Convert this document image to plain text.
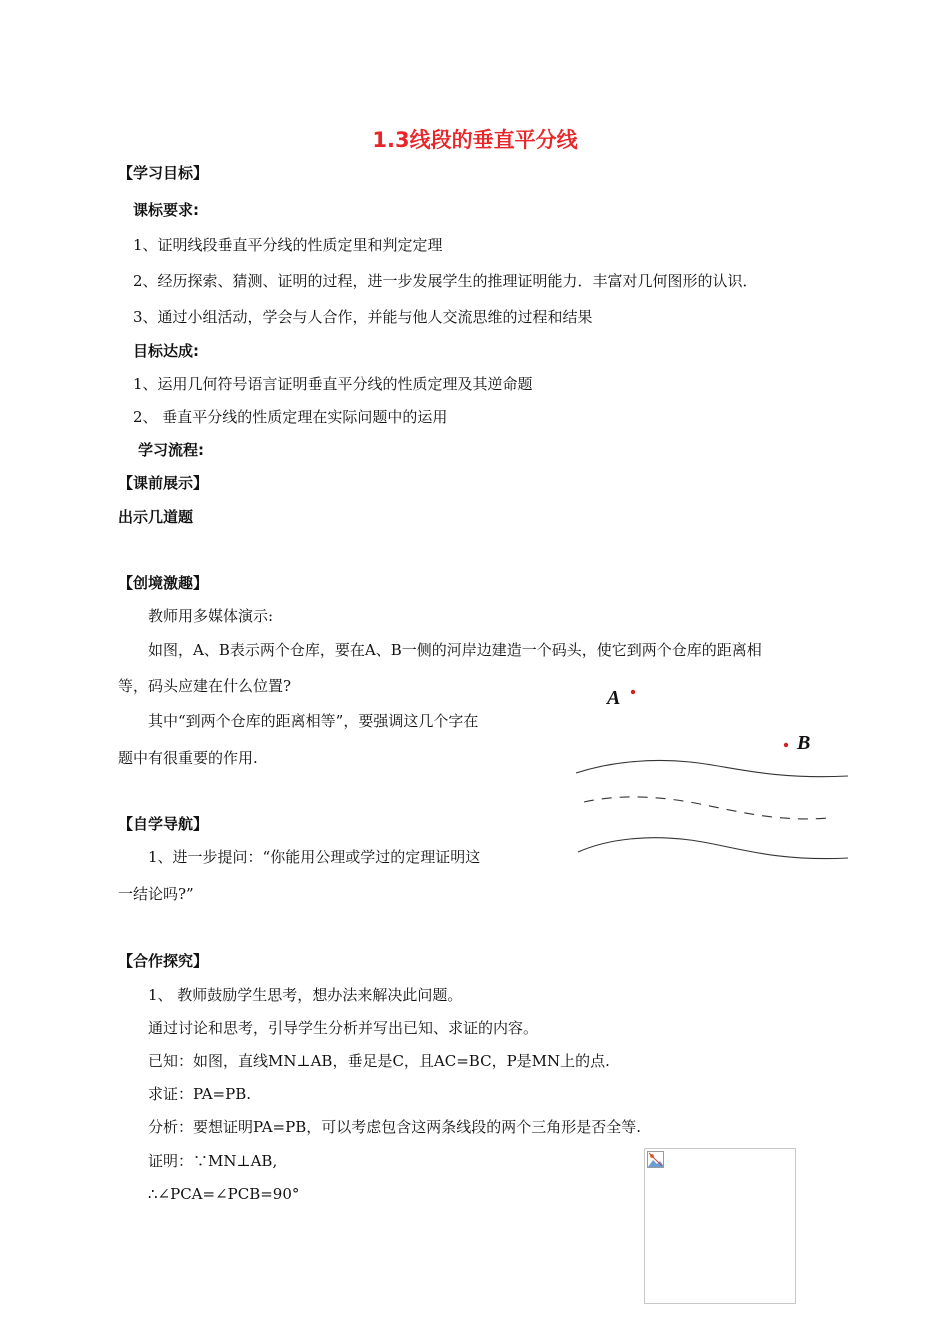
1.3线段的垂直平分线
【学习目标】
课标要求:
1、证明线段垂直平分线的性质定里和判定定理
2、经历探索、猜测、证明的过程，进一步发展学生的推理证明能力．丰富对几何图形的认识．
3、通过小组活动，学会与人合作，并能与他人交流思维的过程和结果
目标达成:
1、运用几何符号语言证明垂直平分线的性质定理及其逆命题
2、 垂直平分线的性质定理在实际问题中的运用
学习流程:
【课前展示】
出示几道题
【创境激趣】
教师用多媒体演示:
如图，A、B表示两个仓库，要在A、B一侧的河岸边建造一个码头，使它到两个仓库的距离相
等，码头应建在什么位置?
其中“到两个仓库的距离相等”，要强调这几个字在
题中有很重要的作用.
A
B
【自学导航】
1、进一步提问：“你能用公理或学过的定理证明这
一结论吗?”
【合作探究】
1、 教师鼓励学生思考，想办法来解决此问题。
通过讨论和思考，引导学生分析并写出已知、求证的内容。
已知：如图，直线MN⊥AB，垂足是C，且AC=BC，P是MN上的点.
求证：PA=PB.
分析：要想证明PA=PB，可以考虑包含这两条线段的两个三角形是否全等.
证明：∵MN⊥AB,
∴∠PCA=∠PCB=90°
